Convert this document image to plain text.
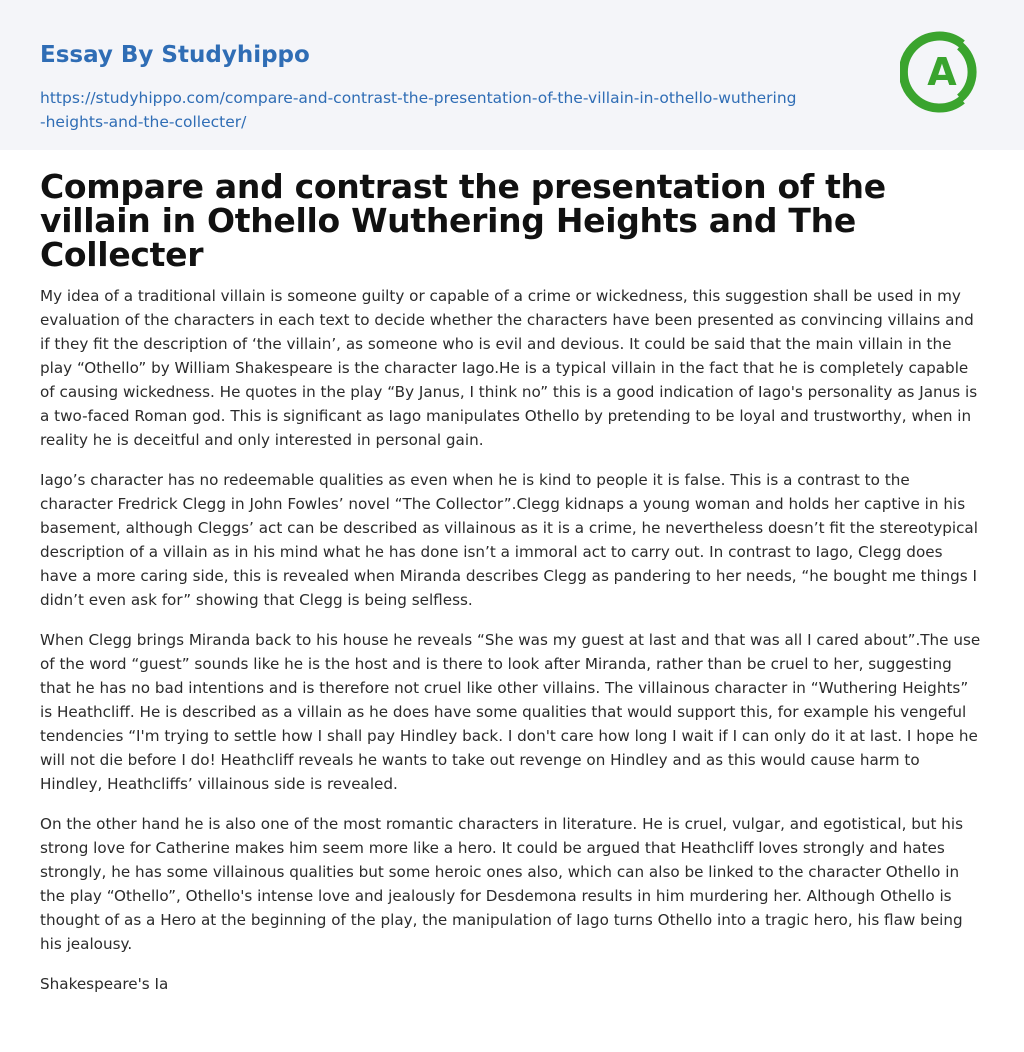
Essay By Studyhippo
https://studyhippo.com/compare-and-contrast-the-presentation-of-the-villain-in-othello-wuthering-heights-and-the-collecter/
A
Compare and contrast the presentation of the villain in Othello Wuthering Heights and The Collecter

My idea of a traditional villain is someone guilty or capable of a crime or wickedness, this suggestion shall be used in my evaluation of the characters in each text to decide whether the characters have been presented as convincing villains and if they fit the description of ‘the villain’, as someone who is evil and devious. It could be said that the main villain in the play “Othello” by William Shakespeare is the character Iago.He is a typical villain in the fact that he is completely capable of causing wickedness. He quotes in the play “By Janus, I think no” this is a good indication of Iago's personality as Janus is a two-faced Roman god. This is significant as Iago manipulates Othello by pretending to be loyal and trustworthy, when in reality he is deceitful and only interested in personal gain.

Iago’s character has no redeemable qualities as even when he is kind to people it is false. This is a contrast to the character Fredrick Clegg in John Fowles’ novel “The Collector”.Clegg kidnaps a young woman and holds her captive in his basement, although Cleggs’ act can be described as villainous as it is a crime, he nevertheless doesn’t fit the stereotypical description of a villain as in his mind what he has done isn’t a immoral act to carry out. In contrast to Iago, Clegg does have a more caring side, this is revealed when Miranda describes Clegg as pandering to her needs, “he bought me things I didn’t even ask for” showing that Clegg is being selfless.

When Clegg brings Miranda back to his house he reveals “She was my guest at last and that was all I cared about”.The use of the word “guest” sounds like he is the host and is there to look after Miranda, rather than be cruel to her, suggesting that he has no bad intentions and is therefore not cruel like other villains. The villainous character in “Wuthering Heights” is Heathcliff. He is described as a villain as he does have some qualities that would support this, for example his vengeful tendencies “I'm trying to settle how I shall pay Hindley back. I don't care how long I wait if I can only do it at last. I hope he will not die before I do! Heathcliff reveals he wants to take out revenge on Hindley and as this would cause harm to Hindley, Heathcliffs’ villainous side is revealed.

On the other hand he is also one of the most romantic characters in literature. He is cruel, vulgar, and egotistical, but his strong love for Catherine makes him seem more like a hero. It could be argued that Heathcliff loves strongly and hates strongly, he has some villainous qualities but some heroic ones also, which can also be linked to the character Othello in the play “Othello”, Othello's intense love and jealously for Desdemona results in him murdering her. Although Othello is thought of as a Hero at the beginning of the play, the manipulation of Iago turns Othello into a tragic hero, his flaw being his jealousy.

Shakespeare's Ia
